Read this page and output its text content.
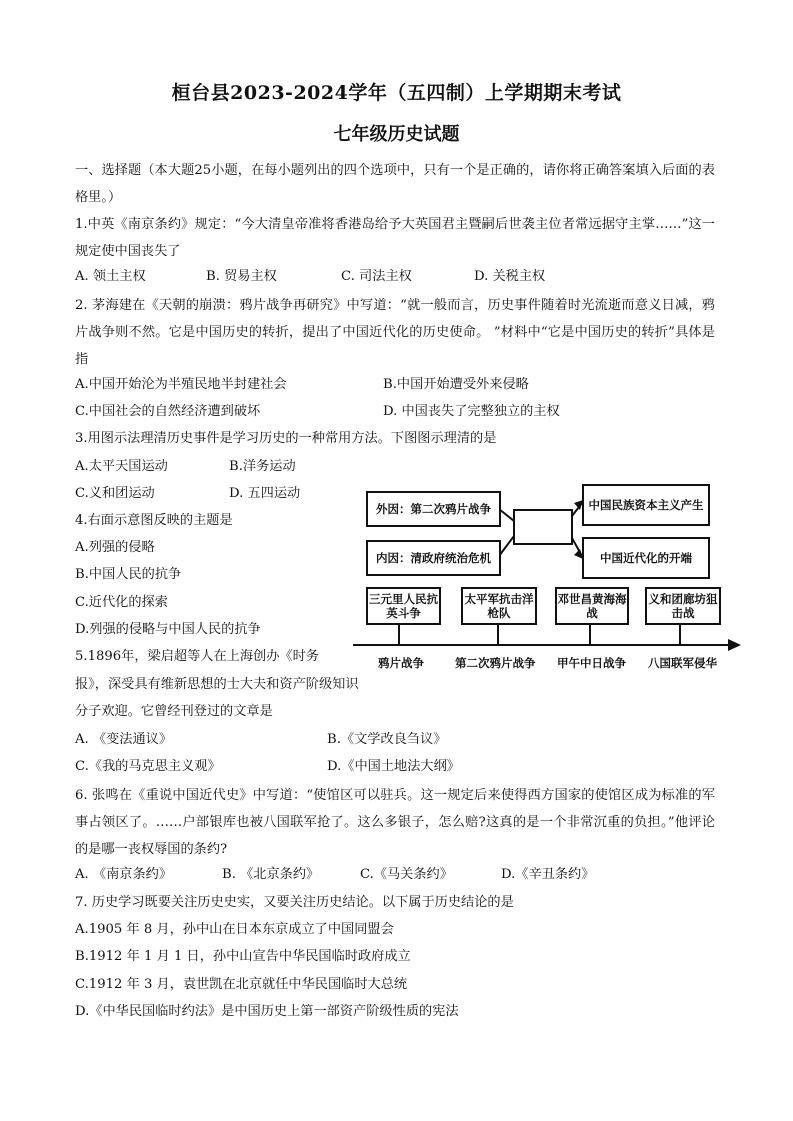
桓台县2023-2024学年（五四制）上学期期末考试
七年级历史试题
一、选择题（本大题25小题，在每小题列出的四个选项中，只有一个是正确的，请你将正确答案填入后面的表格里。）
1.中英《南京条约》规定：“今大清皇帝准将香港岛给予大英国君主暨嗣后世袭主位者常远据守主掌……”这一规定使中国丧失了
A. 领土主权	B. 贸易主权	C. 司法主权	D. 关税主权
2. 茅海建在《天朝的崩溃：鸦片战争再研究》中写道：“就一般而言，历史事件随着时光流逝而意义日减，鸦片战争则不然。它是中国历史的转折，提出了中国近代化的历史使命。 ”材料中“它是中国历史的转折”具体是指
A.中国开始沦为半殖民地半封建社会	B.中国开始遭受外来侵略
C.中国社会的自然经济遭到破坏	D. 中国丧失了完整独立的主权
3.用图示法理清历史事件是学习历史的一种常用方法。下图图示理清的是
A.太平天国运动	B.洋务运动
C.义和团运动	D. 五四运动
4.右面示意图反映的主题是
A.列强的侵略
B.中国人民的抗争
C.近代化的探索
D.列强的侵略与中国人民的抗争
5.1896年，梁启超等人在上海创办《时务
报》，深受具有维新思想的士大夫和资产阶级知识
分子欢迎。它曾经刊登过的文章是
A. 《变法通议》	B.《文学改良刍议》
C.《我的马克思主义观》	D.《中国土地法大纲》
6. 张鸣在《重说中国近代史》中写道：“使馆区可以驻兵。这一规定后来使得西方国家的使馆区成为标准的军事占领区了。……户部银库也被八国联军抢了。这么多银子，怎么赔?这真的是一个非常沉重的负担。”他评论的是哪一丧权辱国的条约?
A. 《南京条约》	B. 《北京条约》	C.《马关条约》	D.《辛丑条约》
7. 历史学习既要关注历史史实，又要关注历史结论。以下属于历史结论的是
A.1905 年 8 月，孙中山在日本东京成立了中国同盟会
B.1912 年 1 月 1 日，孙中山宣告中华民国临时政府成立
C.1912 年 3 月，袁世凯在北京就任中华民国临时大总统
D.《中华民国临时约法》是中国历史上第一部资产阶级性质的宪法
外因：第二次鸦片战争
内因：清政府统治危机
中国民族资本主义产生
中国近代化的开端
三元里人民抗英斗争
太平军抗击洋枪队
邓世昌黄海海战
义和团廊坊狙击战
鸦片战争	第二次鸦片战争 甲午中日战争 八国联军侵华
